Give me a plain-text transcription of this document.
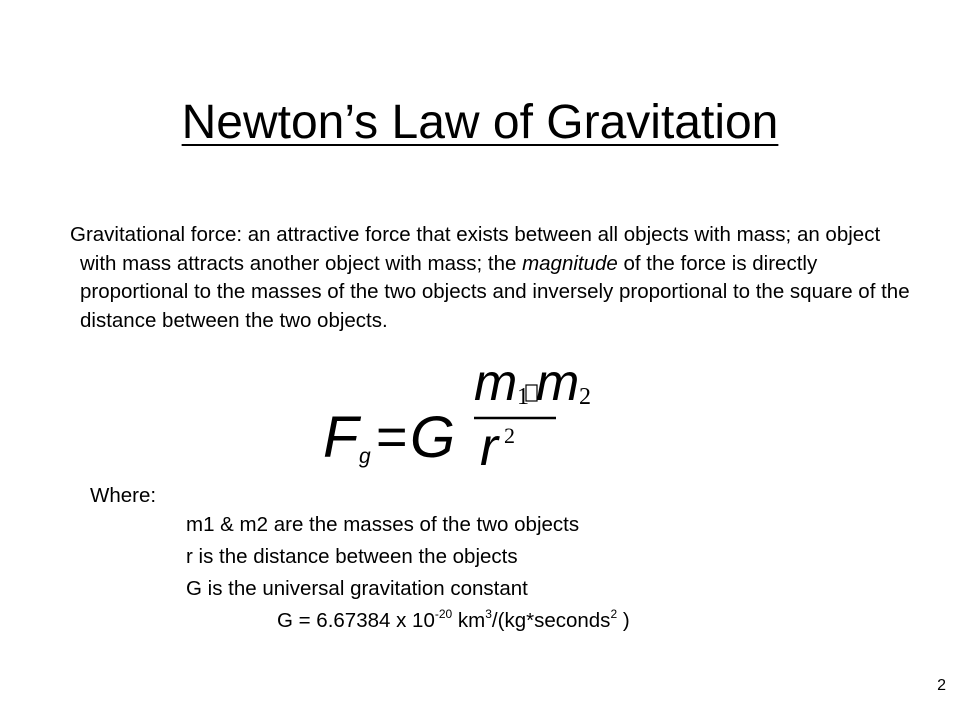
Newton’s Law of Gravitation
Gravitational force: an attractive force that exists between all objects with mass; an object with mass attracts another object with mass; the magnitude of the force is directly proportional to the masses of the two objects and inversely proportional to the square of the distance between the two objects.
F g = G
m 1 m 2
r 2
Where:
m1 & m2 are the masses of the two objects
r is the distance between the objects
G is the universal gravitation constant
G = 6.67384 x $10^{-20}$ $km^3/(kg*seconds^2$ )
2
